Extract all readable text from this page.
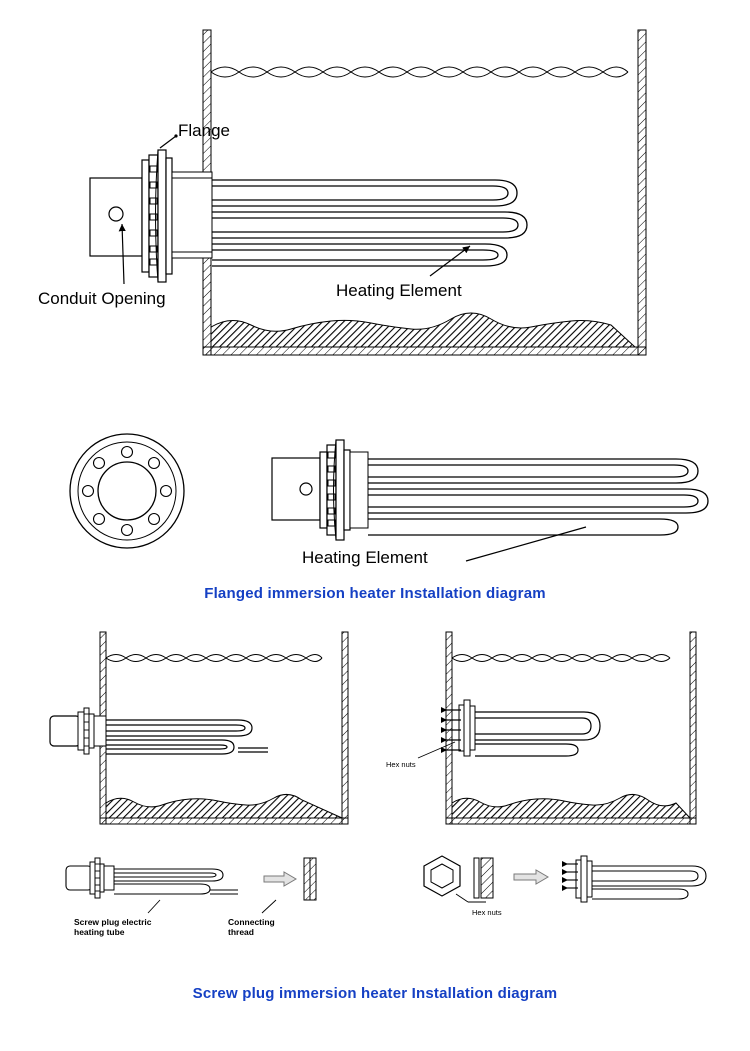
Flange
Heating Element
Conduit Opening
Heating Element
Hex nuts
Screw plug electric
heating tube
Connecting
thread
Hex nuts
Flanged immersion heater Installation diagram
Screw plug immersion heater Installation diagram
